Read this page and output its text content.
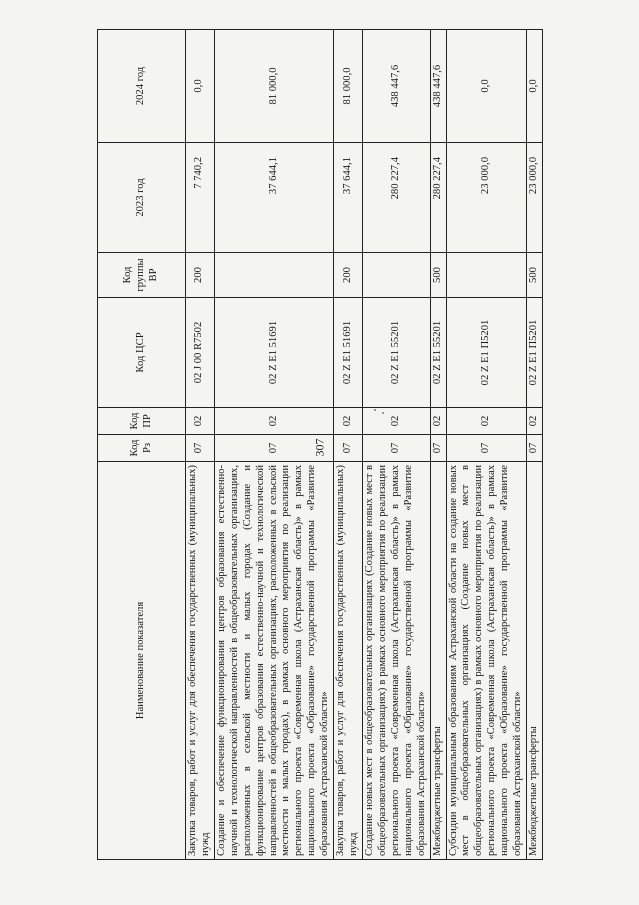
307
Наименование показателя	Код Рз	Код ПР	Код ЦСР	Код группы ВР	2023 год	2024 год
Закупка товаров, работ и услуг для обеспечения государственных (муниципальных) нужд	07	02	02 J 00 R7502	200	7 740,2	0,0
Создание и обеспечение функционирования центров образования естественно-научной и технологической направленностей в общеобразовательных организациях, расположенных в сельской местности и малых городах (Создание и функционирование центров образования естественно-научной и технологической направленностей в общеобразовательных организациях, расположенных в сельской местности и малых городах), в рамках основного мероприятия по реализации регионального проекта «Современная школа (Астраханская область)» в рамках национального проекта «Образование» государственной программы «Развитие образования Астраханской области»	07	02	02 Z E1 51691		37 644,1	81 000,0
Закупка товаров, работ и услуг для обеспечения государственных (муниципальных) нужд	07	02	02 Z E1 51691	200	37 644,1	81 000,0
Создание новых мест в общеобразовательных организациях (Создание новых мест в общеобразовательных организациях) в рамках основного мероприятия по реализации регионального проекта «Современная школа (Астраханская область)» в рамках национального проекта «Образование» государственной программы «Развитие образования Астраханской области»	07	02	02 Z E1 55201		280 227,4	438 447,6
Межбюджетные трансферты	07	02	02 Z E1 55201	500	280 227,4	438 447,6
Субсидии муниципальным образованиям Астраханской области на создание новых мест в общеобразовательных организациях (Создание новых мест в общеобразовательных организациях) в рамках основного мероприятия по реализации регионального проекта «Современная школа (Астраханская область)» в рамках национального проекта «Образование» государственной программы «Развитие образования Астраханской области»	07	02	02 Z E1 П5201		23 000,0	0,0
Межбюджетные трансферты	07	02	02 Z E1 П5201	500	23 000,0	0,0
